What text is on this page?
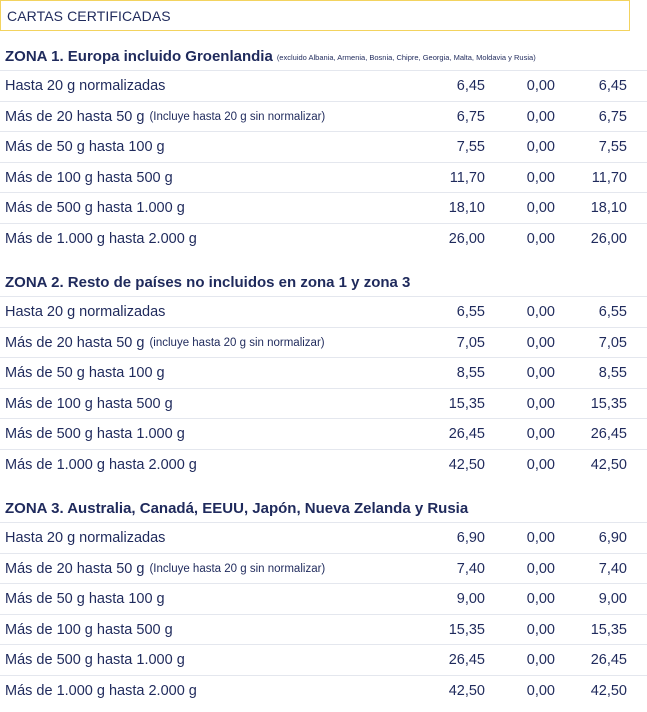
CARTAS CERTIFICADAS
ZONA 1. Europa incluido Groenlandia (excluido Albania, Armenia, Bosnia, Chipre, Georgia, Malta, Moldavia y Rusia)
Hasta 20 g normalizadas	6,45	0,00	6,45
Más de 20 hasta 50 g (Incluye hasta 20 g sin normalizar)	6,75	0,00	6,75
Más de 50 g hasta 100 g	7,55	0,00	7,55
Más de 100 g hasta 500 g	11,70	0,00	11,70
Más de 500 g hasta 1.000 g	18,10	0,00	18,10
Más de 1.000 g hasta 2.000 g	26,00	0,00	26,00
ZONA 2. Resto de países no incluidos en zona 1 y zona 3
Hasta 20 g normalizadas	6,55	0,00	6,55
Más de 20 hasta 50 g (incluye hasta 20 g sin normalizar)	7,05	0,00	7,05
Más de 50 g hasta 100 g	8,55	0,00	8,55
Más de 100 g hasta 500 g	15,35	0,00	15,35
Más de 500 g hasta 1.000 g	26,45	0,00	26,45
Más de 1.000 g hasta 2.000 g	42,50	0,00	42,50
ZONA 3. Australia, Canadá, EEUU, Japón, Nueva Zelanda y Rusia
Hasta 20 g normalizadas	6,90	0,00	6,90
Más de 20 hasta 50 g (Incluye hasta 20 g sin normalizar)	7,40	0,00	7,40
Más de 50 g hasta 100 g	9,00	0,00	9,00
Más de 100 g hasta 500 g	15,35	0,00	15,35
Más de 500 g hasta 1.000 g	26,45	0,00	26,45
Más de 1.000 g hasta 2.000 g	42,50	0,00	42,50
